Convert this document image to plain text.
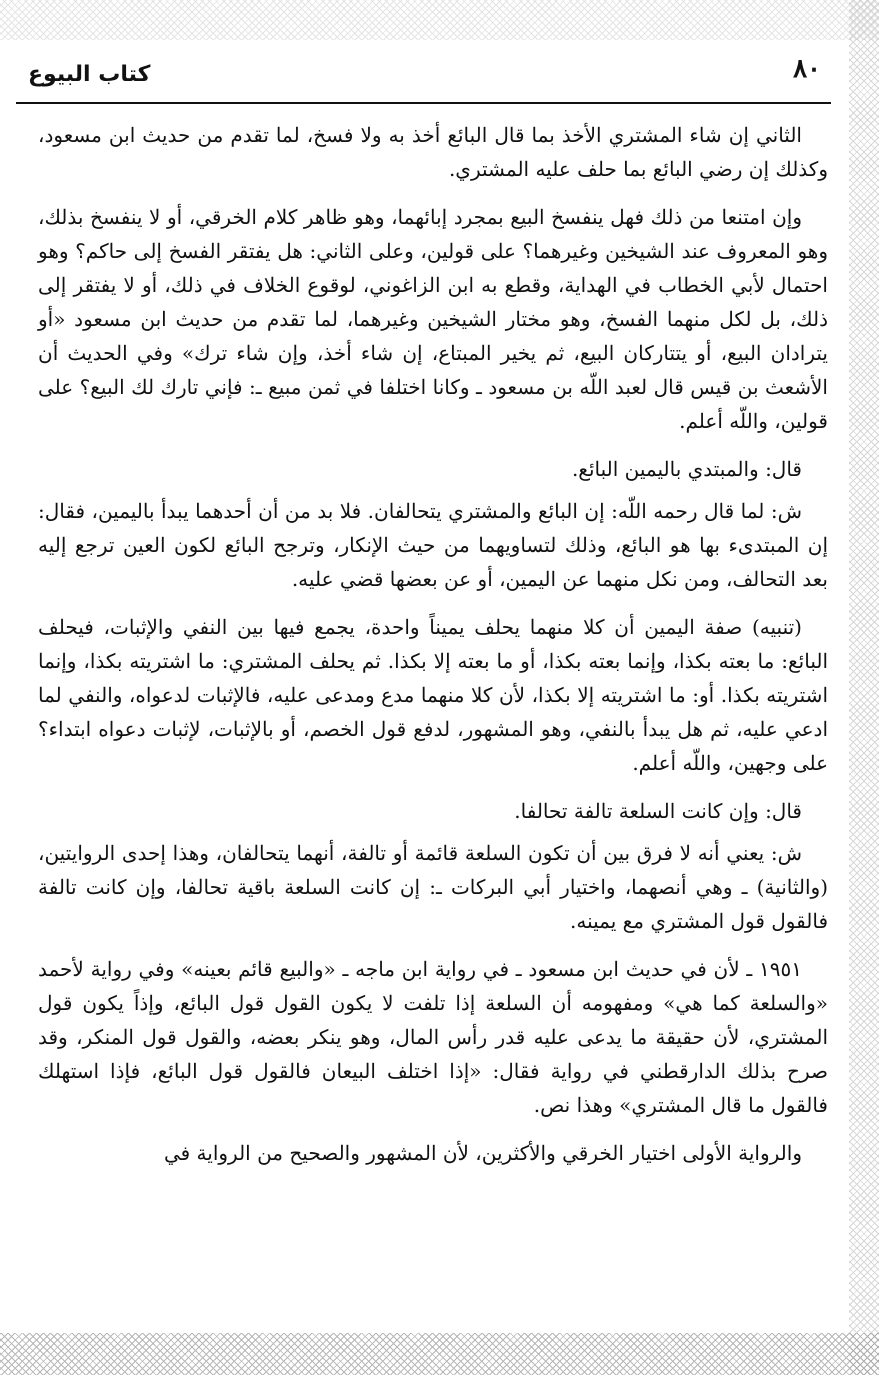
٨٠
كتاب البيوع

الثاني إن شاء المشتري الأخذ بما قال البائع أخذ به ولا فسخ، لما تقدم من حديث ابن مسعود، وكذلك إن رضي البائع بما حلف عليه المشتري.

وإن امتنعا من ذلك فهل ينفسخ البيع بمجرد إبائهما، وهو ظاهر كلام الخرقي، أو لا ينفسخ بذلك، وهو المعروف عند الشيخين وغيرهما؟ على قولين، وعلى الثاني: هل يفتقر الفسخ إلى حاكم؟ وهو احتمال لأبي الخطاب في الهداية، وقطع به ابن الزاغوني، لوقوع الخلاف في ذلك، أو لا يفتقر إلى ذلك، بل لكل منهما الفسخ، وهو مختار الشيخين وغيرهما، لما تقدم من حديث ابن مسعود «أو يترادان البيع، أو يتتاركان البيع، ثم يخير المبتاع، إن شاء أخذ، وإن شاء ترك» وفي الحديث أن الأشعث بن قيس قال لعبد اللّه بن مسعود ـ وكانا اختلفا في ثمن مبيع ـ: فإني تارك لك البيع؟ على قولين، واللّه أعلم.

قال: والمبتدي باليمين البائع.

ش: لما قال رحمه اللّه: إن البائع والمشتري يتحالفان. فلا بد من أن أحدهما يبدأ باليمين، فقال: إن المبتدىء بها هو البائع، وذلك لتساويهما من حيث الإنكار، وترجح البائع لكون العين ترجع إليه بعد التحالف، ومن نكل منهما عن اليمين، أو عن بعضها قضي عليه.

(تنبيه) صفة اليمين أن كلا منهما يحلف يميناً واحدة، يجمع فيها بين النفي والإثبات، فيحلف البائع: ما بعته بكذا، وإنما بعته بكذا، أو ما بعته إلا بكذا. ثم يحلف المشتري: ما اشتريته بكذا، وإنما اشتريته بكذا. أو: ما اشتريته إلا بكذا، لأن كلا منهما مدع ومدعى عليه، فالإثبات لدعواه، والنفي لما ادعي عليه، ثم هل يبدأ بالنفي، وهو المشهور، لدفع قول الخصم، أو بالإثبات، لإثبات دعواه ابتداء؟ على وجهين، واللّه أعلم.

قال: وإن كانت السلعة تالفة تحالفا.

ش: يعني أنه لا فرق بين أن تكون السلعة قائمة أو تالفة، أنهما يتحالفان، وهذا إحدى الروايتين، (والثانية) ـ وهي أنصهما، واختيار أبي البركات ـ: إن كانت السلعة باقية تحالفا، وإن كانت تالفة فالقول قول المشتري مع يمينه.

١٩٥١ ـ لأن في حديث ابن مسعود ـ في رواية ابن ماجه ـ «والبيع قائم بعينه» وفي رواية لأحمد «والسلعة كما هي» ومفهومه أن السلعة إذا تلفت لا يكون القول قول البائع، وإذاً يكون قول المشتري، لأن حقيقة ما يدعى عليه قدر رأس المال، وهو ينكر بعضه، والقول قول المنكر، وقد صرح بذلك الدارقطني في رواية فقال: «إذا اختلف البيعان فالقول قول البائع، فإذا استهلك فالقول ما قال المشتري» وهذا نص.

والرواية الأولى اختيار الخرقي والأكثرين، لأن المشهور والصحيح من الرواية في
